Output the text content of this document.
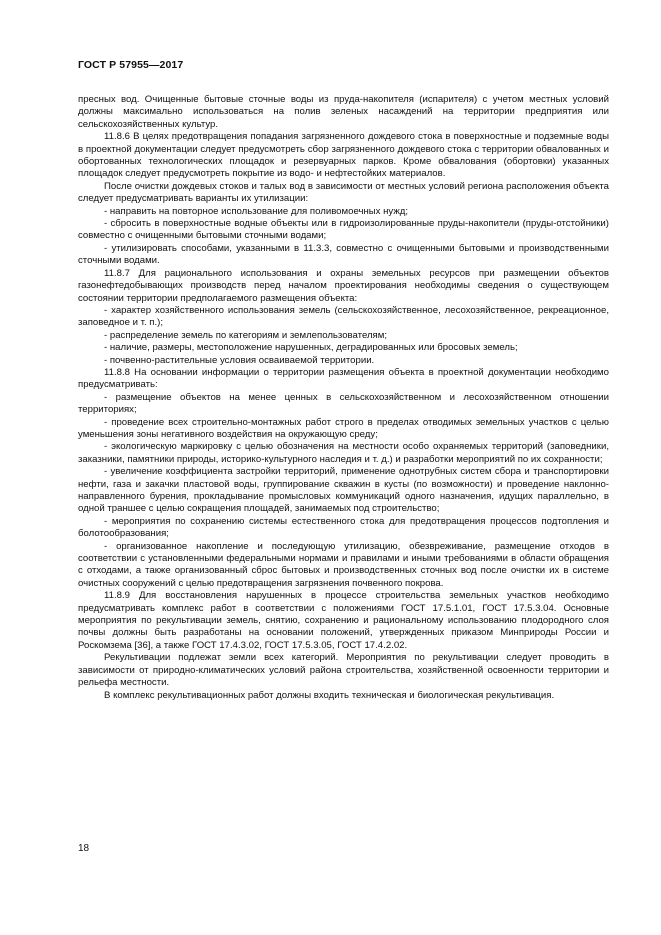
ГОСТ Р 57955—2017

пресных вод. Очищенные бытовые сточные воды из пруда-накопителя (испарителя) с учетом местных условий должны максимально использоваться на полив зеленых насаждений на территории предприятия или сельскохозяйственных культур.

11.8.6 В целях предотвращения попадания загрязненного дождевого стока в поверхностные и подземные воды в проектной документации следует предусмотреть сбор загрязненного дождевого стока с территории обвалованных и обортованных технологических площадок и резервуарных парков. Кроме обвалования (обортовки) указанных площадок следует предусмотреть покрытие из водо- и нефтестойких материалов.

После очистки дождевых стоков и талых вод в зависимости от местных условий региона расположения объекта следует предусматривать варианты их утилизации:

- направить на повторное использование для поливомоечных нужд;

- сбросить в поверхностные водные объекты или в гидроизолированные пруды-накопители (пруды-отстойники) совместно с очищенными бытовыми сточными водами;

- утилизировать способами, указанными в 11.3.3, совместно с очищенными бытовыми и производственными сточными водами.

11.8.7 Для рационального использования и охраны земельных ресурсов при размещении объектов газонефтедобывающих производств перед началом проектирования необходимы сведения о существующем состоянии территории предполагаемого размещения объекта:

- характер хозяйственного использования земель (сельскохозяйственное, лесохозяйственное, рекреационное, заповедное и т. п.);

- распределение земель по категориям и землепользователям;

- наличие, размеры, местоположение нарушенных, деградированных или бросовых земель;

- почвенно-растительные условия осваиваемой территории.

11.8.8 На основании информации о территории размещения объекта в проектной документации необходимо предусматривать:

- размещение объектов на менее ценных в сельскохозяйственном и лесохозяйственном отношении территориях;

- проведение всех строительно-монтажных работ строго в пределах отводимых земельных участков с целью уменьшения зоны негативного воздействия на окружающую среду;

- экологическую маркировку с целью обозначения на местности особо охраняемых территорий (заповедники, заказники, памятники природы, историко-культурного наследия и т. д.) и разработки мероприятий по их сохранности;

- увеличение коэффициента застройки территорий, применение однотрубных систем сбора и транспортировки нефти, газа и закачки пластовой воды, группирование скважин в кусты (по возможности) и проведение наклонно-направленного бурения, прокладывание промысловых коммуникаций одного назначения, идущих параллельно, в одной траншее с целью сокращения площадей, занимаемых под строительство;

- мероприятия по сохранению системы естественного стока для предотвращения процессов подтопления и болотообразования;

- организованное накопление и последующую утилизацию, обезвреживание, размещение отходов в соответствии с установленными федеральными нормами и правилами и иными требованиями в области обращения с отходами, а также организованный сброс бытовых и производственных сточных вод после очистки их в системе очистных сооружений с целью предотвращения загрязнения почвенного покрова.

11.8.9 Для восстановления нарушенных в процессе строительства земельных участков необходимо предусматривать комплекс работ в соответствии с положениями ГОСТ 17.5.1.01, ГОСТ 17.5.3.04. Основные мероприятия по рекультивации земель, снятию, сохранению и рациональному использованию плодородного слоя почвы должны быть разработаны на основании положений, утвержденных приказом Минприроды России и Роскомзема [36], а также ГОСТ 17.4.3.02, ГОСТ 17.5.3.05, ГОСТ 17.4.2.02.

Рекультивации подлежат земли всех категорий. Мероприятия по рекультивации следует проводить в зависимости от природно-климатических условий района строительства, хозяйственной освоенности территории и рельефа местности.

В комплекс рекультивационных работ должны входить техническая и биологическая рекультивация.

18
